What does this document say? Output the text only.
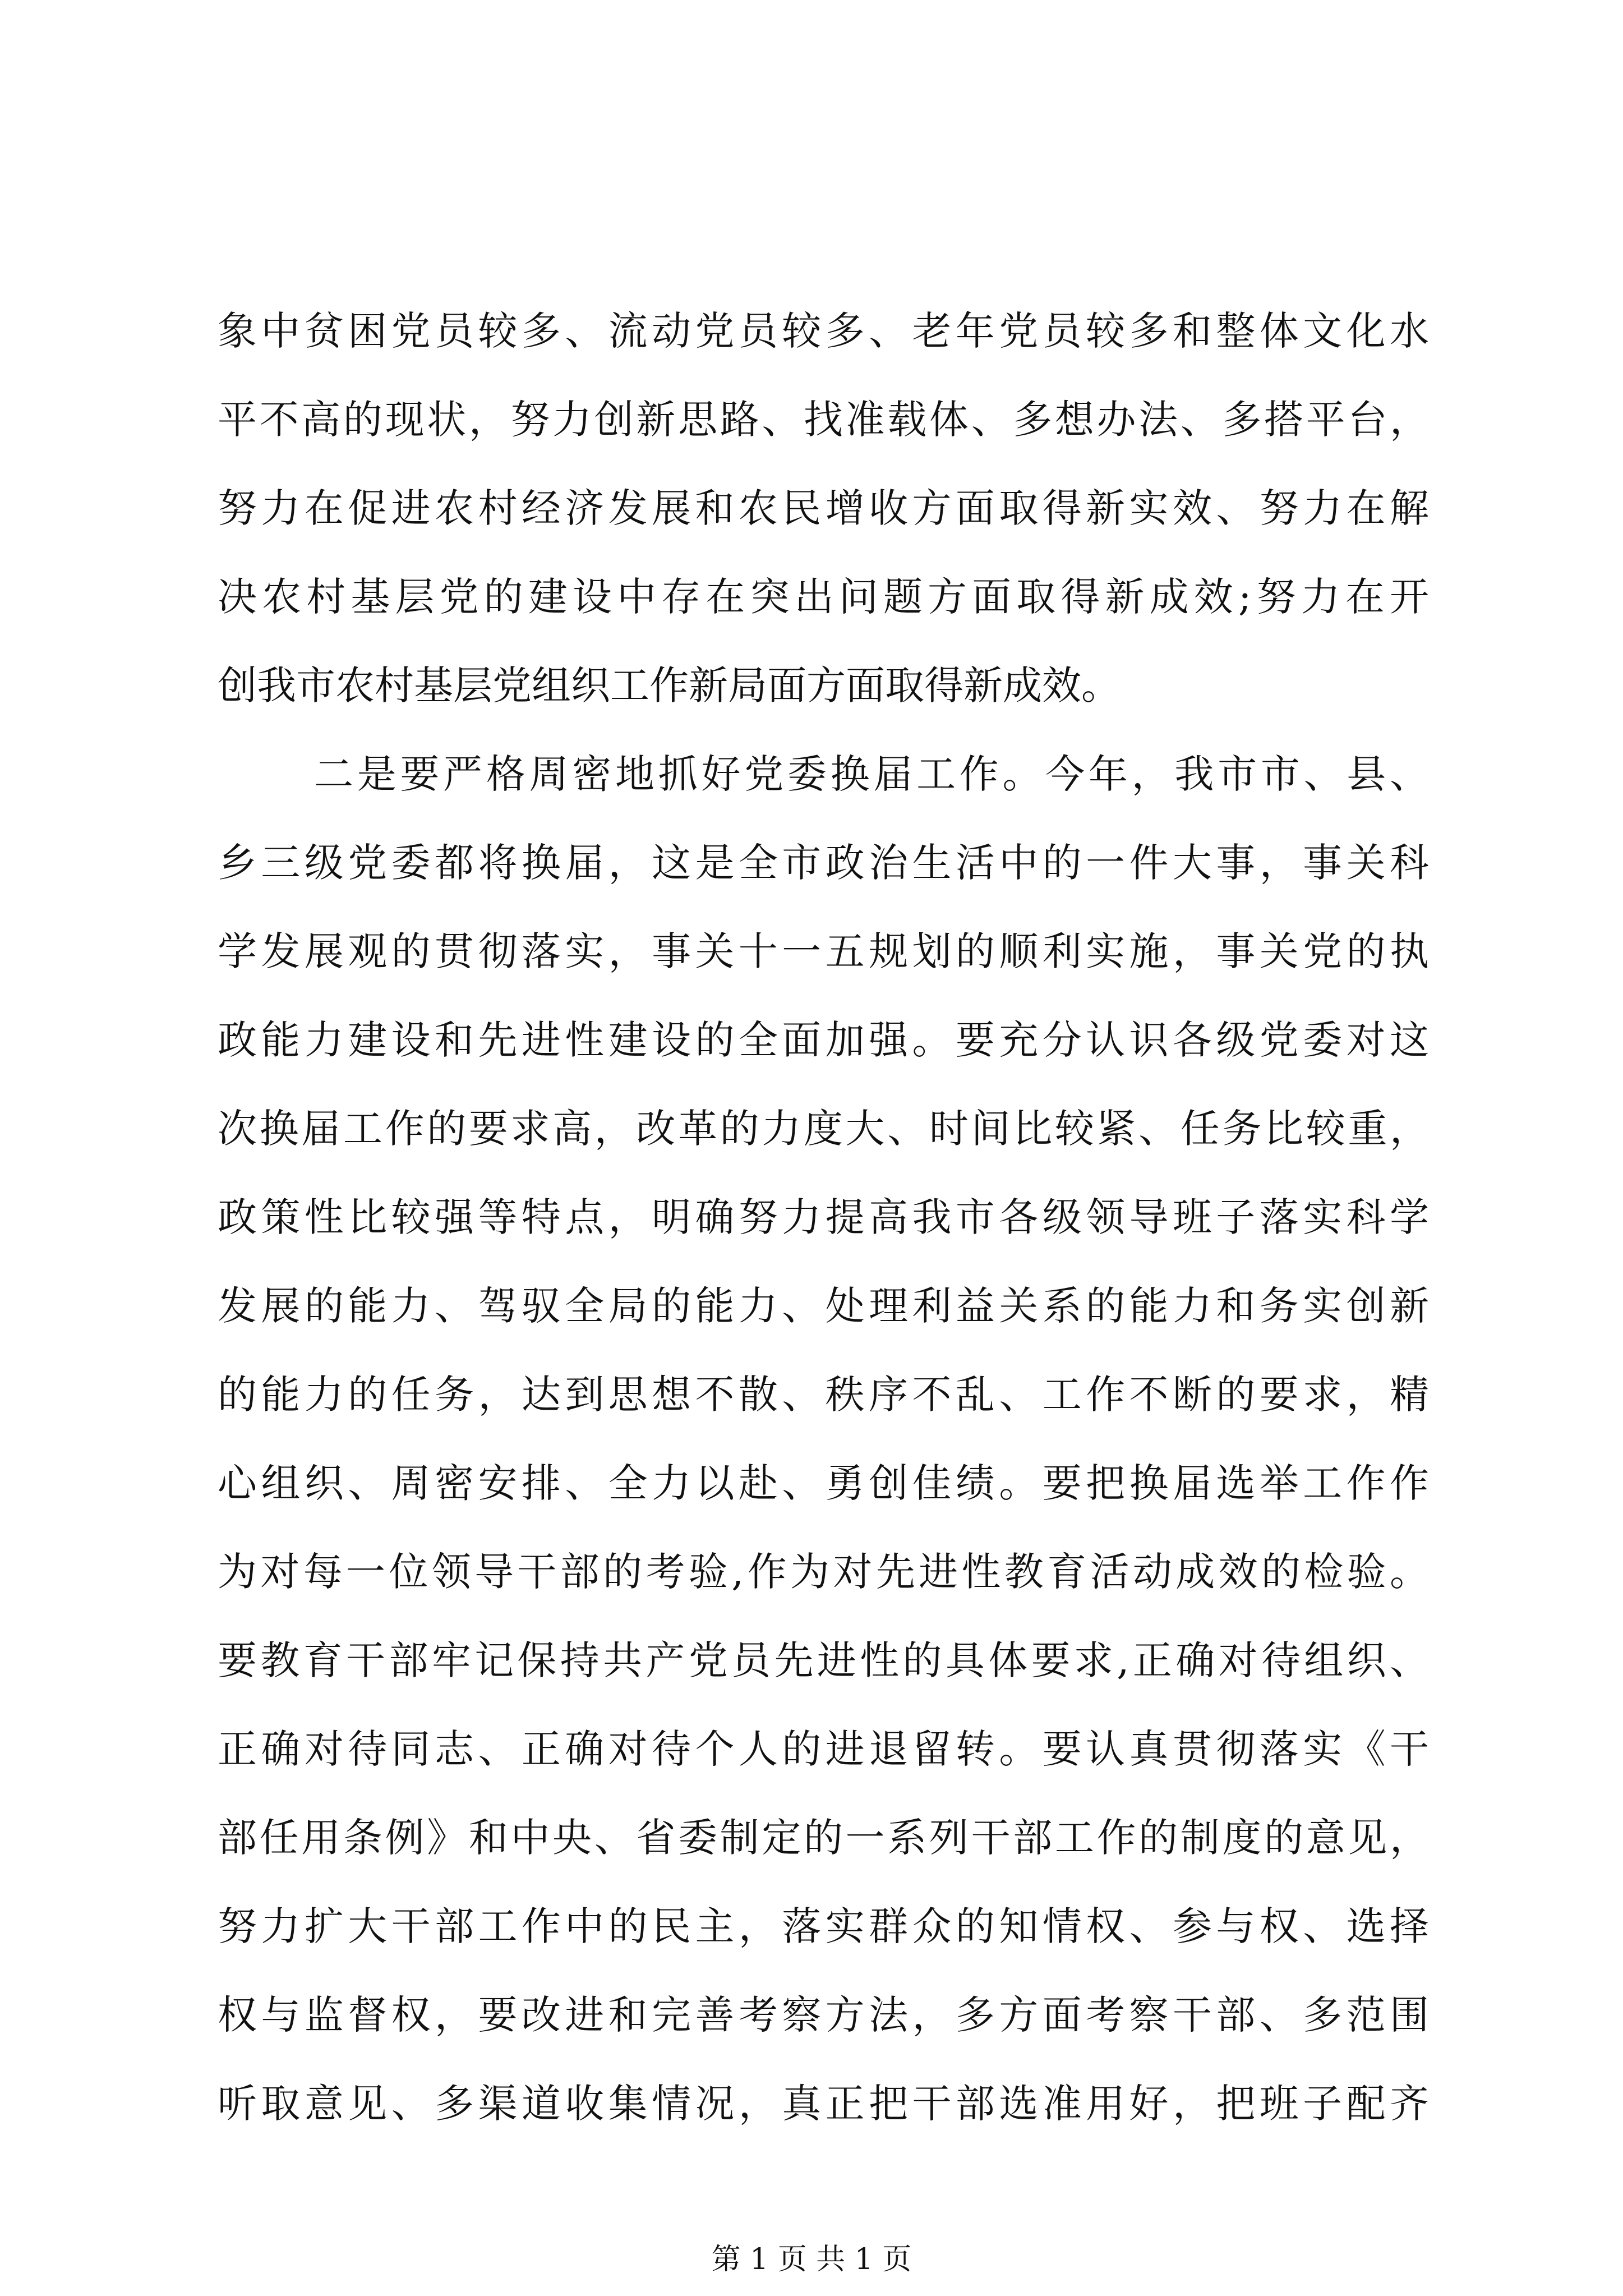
象中贫困党员较多、流动党员较多、老年党员较多和整体文化水
平不高的现状，努力创新思路、找准载体、多想办法、多搭平台，
努力在促进农村经济发展和农民增收方面取得新实效、努力在解
决农村基层党的建设中存在突出问题方面取得新成效;努力在开
创我市农村基层党组织工作新局面方面取得新成效。
二是要严格周密地抓好党委换届工作。今年，我市市、县、
乡三级党委都将换届，这是全市政治生活中的一件大事，事关科
学发展观的贯彻落实，事关十一五规划的顺利实施，事关党的执
政能力建设和先进性建设的全面加强。要充分认识各级党委对这
次换届工作的要求高，改革的力度大、时间比较紧、任务比较重，
政策性比较强等特点，明确努力提高我市各级领导班子落实科学
发展的能力、驾驭全局的能力、处理利益关系的能力和务实创新
的能力的任务，达到思想不散、秩序不乱、工作不断的要求，精
心组织、周密安排、全力以赴、勇创佳绩。要把换届选举工作作
为对每一位领导干部的考验,作为对先进性教育活动成效的检验。
要教育干部牢记保持共产党员先进性的具体要求,正确对待组织、
正确对待同志、正确对待个人的进退留转。要认真贯彻落实《干
部任用条例》和中央、省委制定的一系列干部工作的制度的意见，
努力扩大干部工作中的民主，落实群众的知情权、参与权、选择
权与监督权，要改进和完善考察方法，多方面考察干部、多范围
听取意见、多渠道收集情况，真正把干部选准用好，把班子配齐
第 1 页 共 1 页
